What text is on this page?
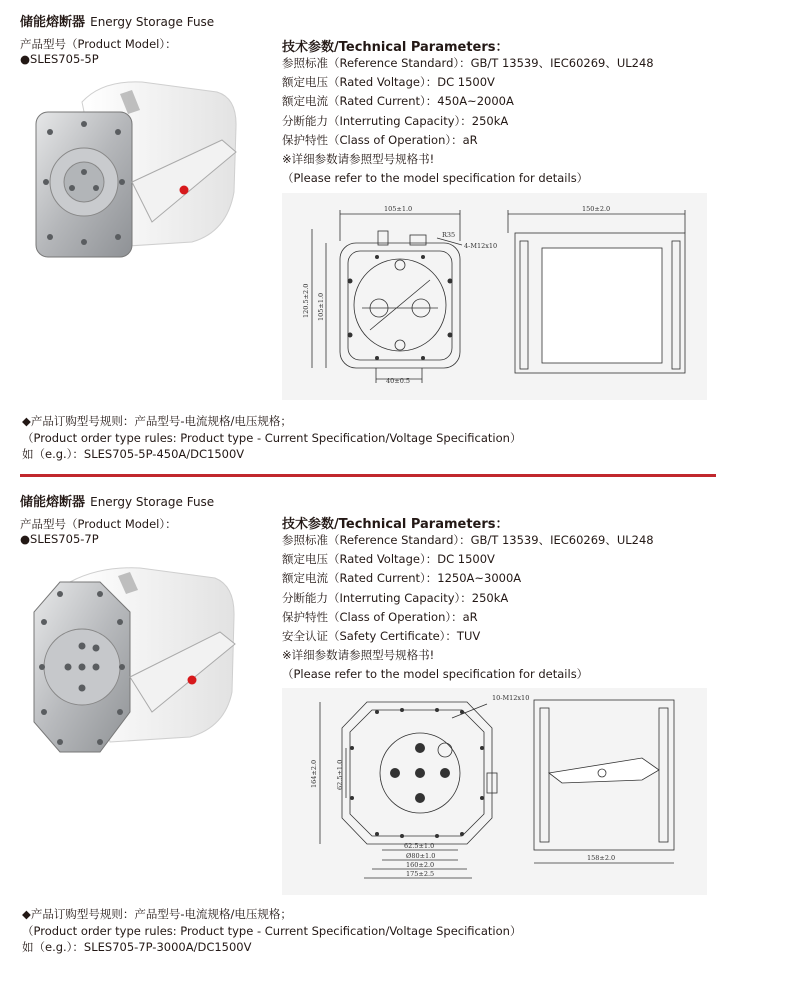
储能熔断器 Energy Storage Fuse
产品型号（Product Model）：
●SLES705-5P
技术参数/Technical Parameters：
参照标准（Reference Standard）：GB/T 13539、IEC60269、UL248
额定电压（Rated Voltage）：DC 1500V
额定电流（Rated Current）：450A~2000A
分断能力（Interruting Capacity）：250kA
保护特性（Class of Operation）：aR
※详细参数请参照型号规格书!
（Please refer to the model specification for details）
105±1.0	150±2.0
R35
4-M12x10
40±0.5
120.5±2.0 105±1.0
◆产品订购型号规则：产品型号-电流规格/电压规格；
（Product order type rules: Product type - Current Specification/Voltage Specification）
如（e.g.）：SLES705-5P-450A/DC1500V
储能熔断器 Energy Storage Fuse
产品型号（Product Model）：
●SLES705-7P
技术参数/Technical Parameters：
参照标准（Reference Standard）：GB/T 13539、IEC60269、UL248
额定电压（Rated Voltage）：DC 1500V
额定电流（Rated Current）：1250A~3000A
分断能力（Interruting Capacity）：250kA
保护特性（Class of Operation）：aR
安全认证（Safety Certificate）：TUV
※详细参数请参照型号规格书!
（Please refer to the model specification for details）
10-M12x10
164±2.0	62.5±1.0
62.5±1.0
Ø80±1.0
160±2.0
175±2.5
158±2.0
◆产品订购型号规则：产品型号-电流规格/电压规格；
（Product order type rules: Product type - Current Specification/Voltage Specification）
如（e.g.）：SLES705-7P-3000A/DC1500V
